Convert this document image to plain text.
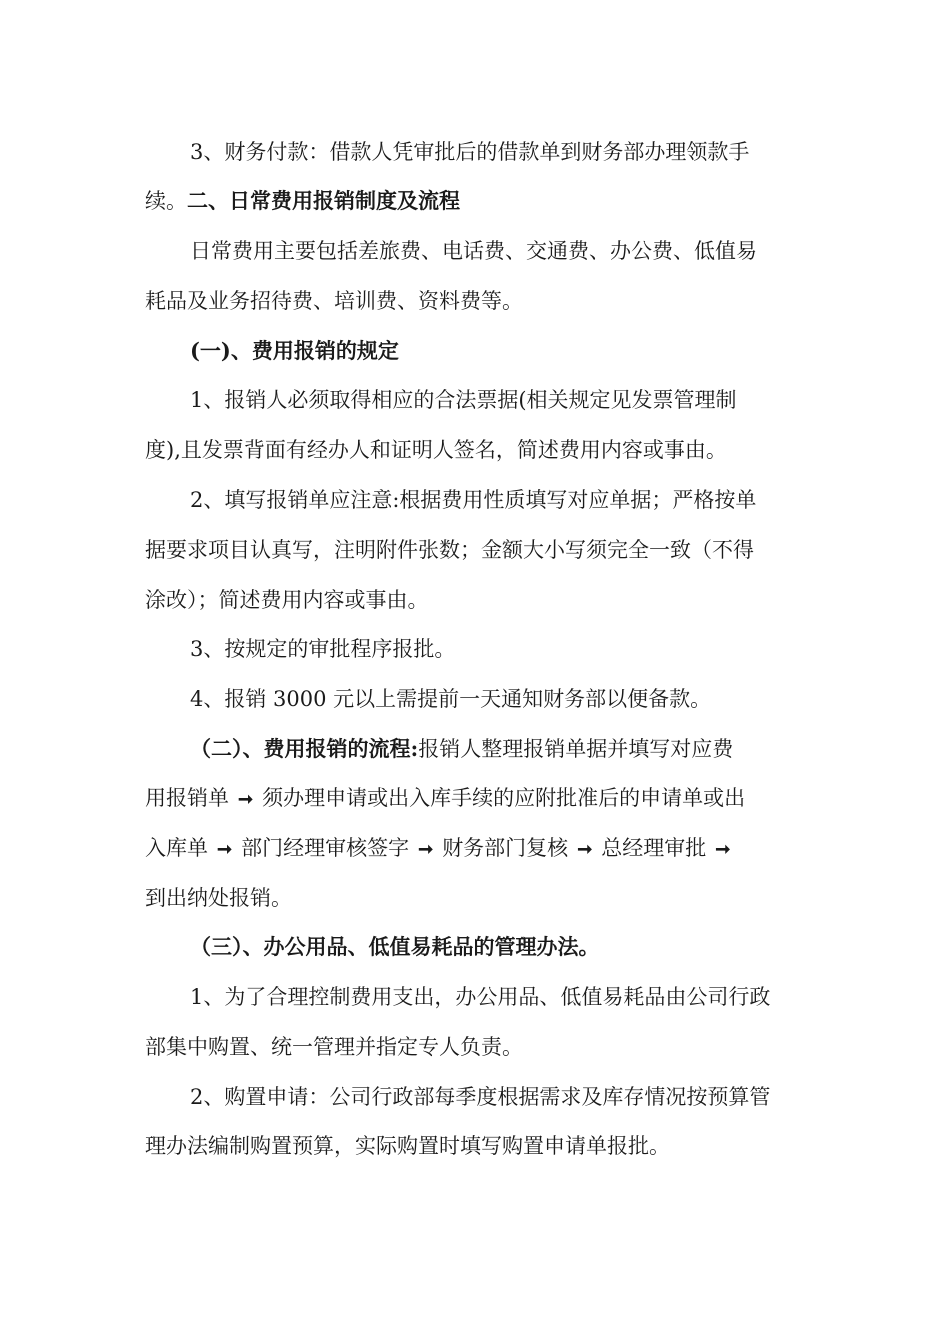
3、财务付款：借款人凭审批后的借款单到财务部办理领款手
续。二、日常费用报销制度及流程
日常费用主要包括差旅费、电话费、交通费、办公费、低值易
耗品及业务招待费、培训费、资料费等。
(一)、费用报销的规定
1、报销人必须取得相应的合法票据(相关规定见发票管理制
度),且发票背面有经办人和证明人签名，简述费用内容或事由。
2、填写报销单应注意:根据费用性质填写对应单据；严格按单
据要求项目认真写，注明附件张数；金额大小写须完全一致（不得
涂改）；简述费用内容或事由。
3、按规定的审批程序报批。
4、报销 3000 元以上需提前一天通知财务部以便备款。
（二）、费用报销的流程:报销人整理报销单据并填写对应费
用报销单 ➞ 须办理申请或出入库手续的应附批准后的申请单或出
入库单 ➞ 部门经理审核签字 ➞ 财务部门复核 ➞ 总经理审批 ➞
到出纳处报销。
（三）、办公用品、低值易耗品的管理办法。
1、为了合理控制费用支出，办公用品、低值易耗品由公司行政
部集中购置、统一管理并指定专人负责。
2、购置申请：公司行政部每季度根据需求及库存情况按预算管
理办法编制购置预算，实际购置时填写购置申请单报批。
